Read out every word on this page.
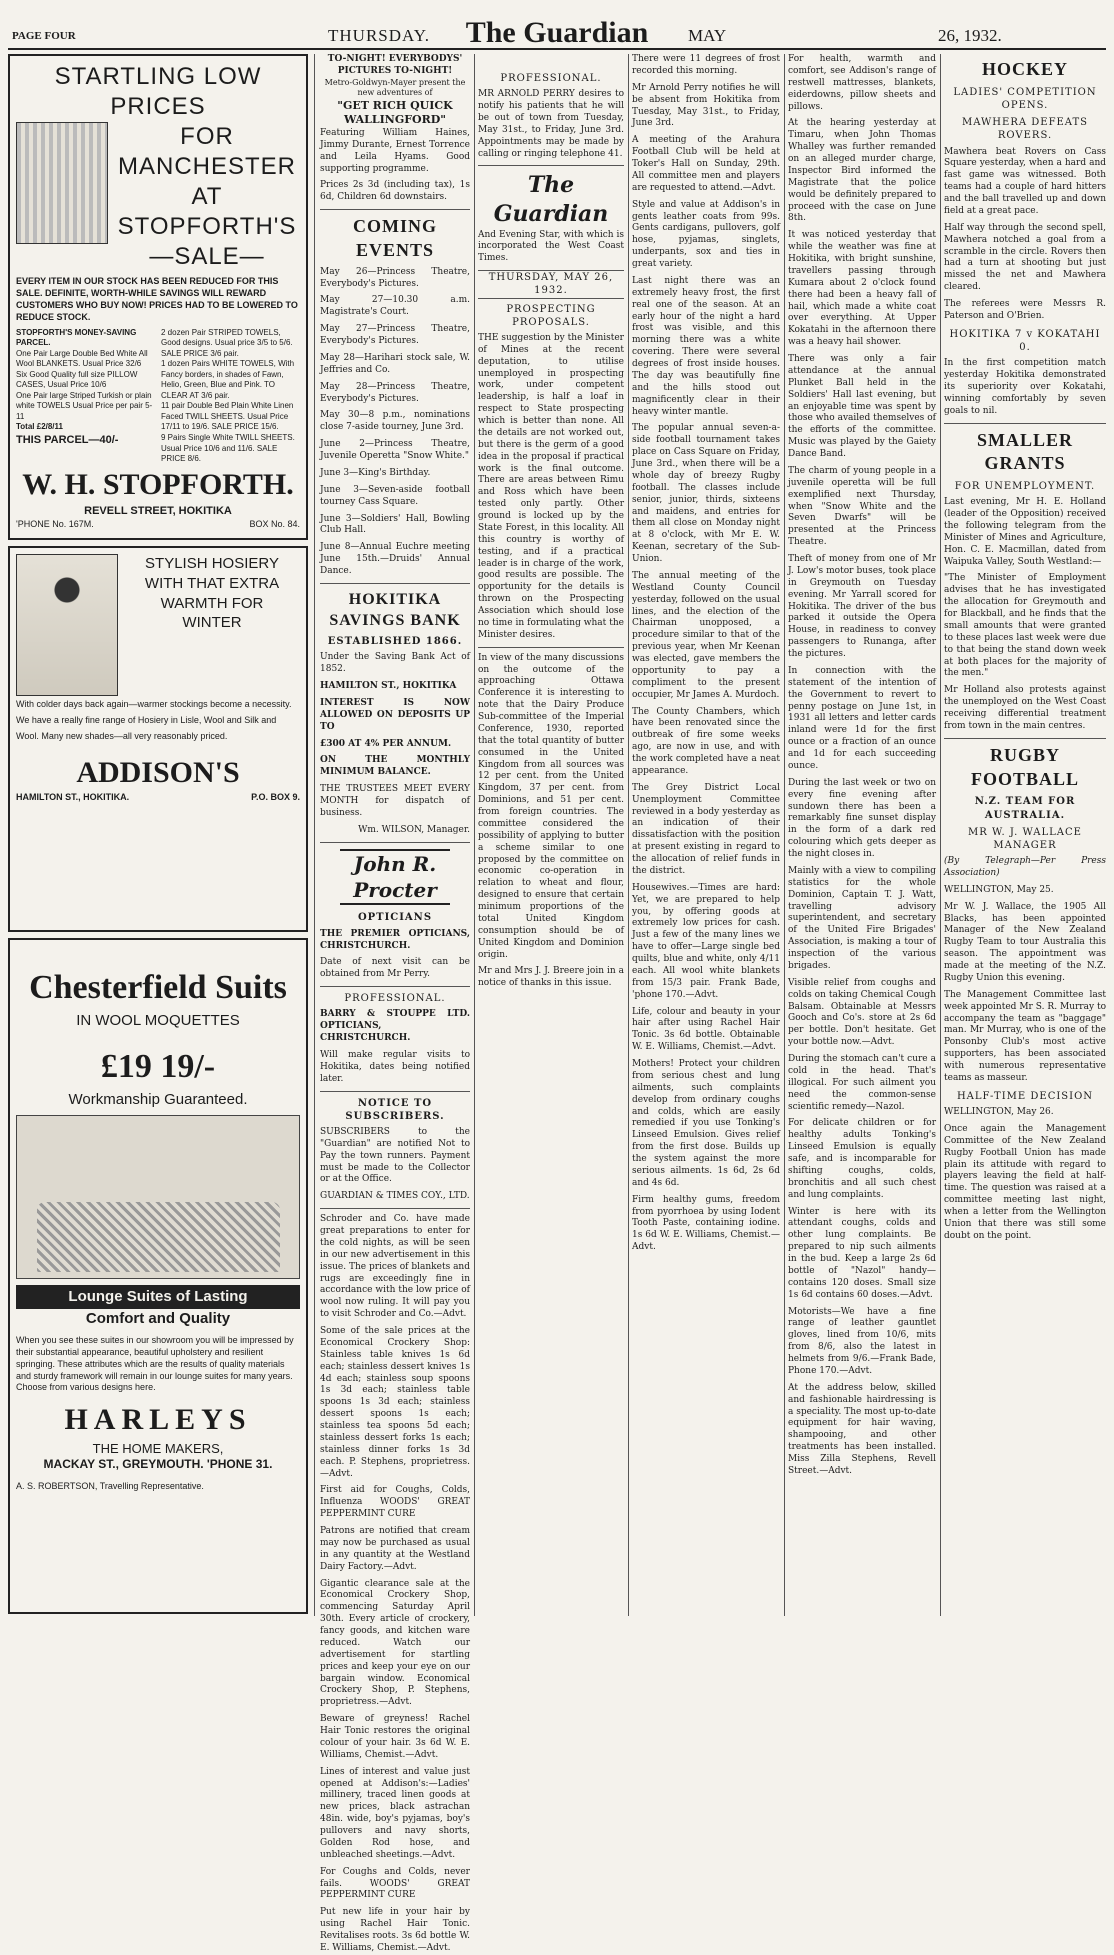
PAGE FOUR	THURSDAY.	The Guardian	MAY	26, 1932.
STARTLING LOW PRICES
FOR MANCHESTER
AT STOPFORTH'S
—SALE—
EVERY ITEM IN OUR STOCK HAS BEEN REDUCED FOR THIS SALE. DEFINITE, WORTH-WHILE SAVINGS WILL REWARD CUSTOMERS WHO BUY NOW! PRICES HAD TO BE LOWERED TO REDUCE STOCK.
STOPFORTH'S MONEY-SAVING PARCEL.
One Pair Large Double Bed White All Wool BLANKETS. Usual Price 32/6
Six Good Quality full size PILLOW CASES, Usual Price 10/6
One Pair large Striped Turkish or plain white TOWELS Usual Price per pair 5-11
Total £2/8/11
THIS PARCEL—40/-
2 dozen Pair STRIPED TOWELS, Good designs. Usual price 3/5 to 5/6. SALE PRICE 3/6 pair.
1 dozen Pairs WHITE TOWELS, With Fancy borders, in shades of Fawn, Helio, Green, Blue and Pink. TO CLEAR AT 3/6 pair.
11 pair Double Bed Plain White Linen Faced TWILL SHEETS. Usual Price 17/11 to 19/6. SALE PRICE 15/6.
9 Pairs Single White TWILL SHEETS. Usual Price 10/6 and 11/6. SALE PRICE 8/6.
W. H. STOPFORTH.
REVELL STREET, HOKITIKA
'PHONE No. 167M.	BOX No. 84.
STYLISH HOSIERY
WITH THAT EXTRA
WARMTH FOR
WINTER
With colder days back again—warmer stockings become a necessity. We have a really fine range of Hosiery in Lisle, Wool and Silk and Wool. Many new shades—all very reasonably priced.
ADDISON'S
HAMILTON ST., HOKITIKA.	P.O. BOX 9.
Chesterfield Suits
IN WOOL MOQUETTES
£19 19/-
Workmanship Guaranteed.
Lounge Suites of Lasting
Comfort and Quality
When you see these suites in our showroom you will be impressed by their substantial appearance, beautiful upholstery and resilient springing. These attributes which are the results of quality materials and sturdy framework will remain in our lounge suites for many years. Choose from various designs here.
HARLEYS
THE HOME MAKERS,
MACKAY ST., GREYMOUTH. 'PHONE 31.
A. S. ROBERTSON, Travelling Representative.
TO-NIGHT! EVERYBODYS' PICTURES TO-NIGHT!
Metro-Goldwyn-Mayer present the new adventures of
"GET RICH QUICK WALLINGFORD"

Featuring William Haines, Jimmy Durante, Ernest Torrence and Leila Hyams. Good supporting programme.

Prices 2s 3d (including tax), 1s 6d, Children 6d downstairs.

COMING EVENTS

May 26—Princess Theatre, Everybody's Pictures.

May 27—10.30 a.m. Magistrate's Court.

May 27—Princess Theatre, Everybody's Pictures.

May 28—Harihari stock sale, W. Jeffries and Co.

May 28—Princess Theatre, Everybody's Pictures.

May 30—8 p.m., nominations close 7-aside tourney, June 3rd.

June 2—Princess Theatre, Juvenile Operetta "Snow White."

June 3—King's Birthday.

June 3—Seven-aside football tourney Cass Square.

June 3—Soldiers' Hall, Bowling Club Hall.

June 8—Annual Euchre meeting June 15th.—Druids' Annual Dance.

HOKITIKA SAVINGS BANK
ESTABLISHED 1866.

Under the Saving Bank Act of 1852.

HAMILTON ST., HOKITIKA

INTEREST IS NOW ALLOWED ON DEPOSITS UP TO

£300 AT 4% PER ANNUM.

ON THE MONTHLY MINIMUM BALANCE.

THE TRUSTEES MEET EVERY MONTH for dispatch of business.

Wm. WILSON, Manager.

John R. Procter
OPTICIANS

THE PREMIER OPTICIANS, CHRISTCHURCH.

Date of next visit can be obtained from Mr Perry.

PROFESSIONAL.

BARRY & STOUPPE LTD. OPTICIANS, CHRISTCHURCH.

Will make regular visits to Hokitika, dates being notified later.

NOTICE TO SUBSCRIBERS.

SUBSCRIBERS to the "Guardian" are notified Not to Pay the town runners. Payment must be made to the Collector or at the Office.

GUARDIAN & TIMES COY., LTD.

Schroder and Co. have made great preparations to enter for the cold nights, as will be seen in our new advertisement in this issue. The prices of blankets and rugs are exceedingly fine in accordance with the low price of wool now ruling. It will pay you to visit Schroder and Co.—Advt.

Some of the sale prices at the Economical Crockery Shop: Stainless table knives 1s 6d each; stainless dessert knives 1s 4d each; stainless soup spoons 1s 3d each; stainless table spoons 1s 3d each; stainless dessert spoons 1s each; stainless tea spoons 5d each; stainless dessert forks 1s each; stainless dinner forks 1s 3d each. P. Stephens, proprietress.—Advt.

First aid for Coughs, Colds, Influenza WOODS' GREAT PEPPERMINT CURE

Patrons are notified that cream may now be purchased as usual in any quantity at the Westland Dairy Factory.—Advt.

Gigantic clearance sale at the Economical Crockery Shop, commencing Saturday April 30th. Every article of crockery, fancy goods, and kitchen ware reduced. Watch our advertisement for startling prices and keep your eye on our bargain window. Economical Crockery Shop, P. Stephens, proprietress.—Advt.

Beware of greyness! Rachel Hair Tonic restores the original colour of your hair. 3s 6d W. E. Williams, Chemist.—Advt.

Lines of interest and value just opened at Addison's:—Ladies' millinery, traced linen goods at new prices, black astrachan 48in. wide, boy's pyjamas, boy's pullovers and navy shorts, Golden Rod hose, and unbleached sheetings.—Advt.

For Coughs and Colds, never fails. WOODS' GREAT PEPPERMINT CURE

Put new life in your hair by using Rachel Hair Tonic. Revitalises roots. 3s 6d bottle W. E. Williams, Chemist.—Advt.

PROFESSIONAL.

MR ARNOLD PERRY desires to notify his patients that he will be out of town from Tuesday, May 31st., to Friday, June 3rd. Appointments may be made by calling or ringing telephone 41.

The Guardian

And Evening Star, with which is incorporated the West Coast Times.

THURSDAY, MAY 26, 1932.
PROSPECTING PROPOSALS.

THE suggestion by the Minister of Mines at the recent deputation, to utilise unemployed in prospecting work, under competent leadership, is half a loaf in respect to State prospecting which is better than none. All the details are not worked out, but there is the germ of a good idea in the proposal if practical work is the final outcome. There are areas between Rimu and Ross which have been tested only partly. Other ground is locked up by the State Forest, in this locality. All this country is worthy of testing, and if a practical leader is in charge of the work, good results are possible. The opportunity for the details is thrown on the Prospecting Association which should lose no time in formulating what the Minister desires.

In view of the many discussions on the outcome of the approaching Ottawa Conference it is interesting to note that the Dairy Produce Sub-committee of the Imperial Conference, 1930, reported that the total quantity of butter consumed in the United Kingdom from all sources was 12 per cent. from the United Kingdom, 37 per cent. from Dominions, and 51 per cent. from foreign countries. The committee considered the possibility of applying to butter a scheme similar to one proposed by the committee on economic co-operation in relation to wheat and flour, designed to ensure that certain minimum proportions of the total United Kingdom consumption should be of United Kingdom and Dominion origin.

Mr and Mrs J. J. Breere join in a notice of thanks in this issue.

There were 11 degrees of frost recorded this morning.

Mr Arnold Perry notifies he will be absent from Hokitika from Tuesday, May 31st., to Friday, June 3rd.

A meeting of the Arahura Football Club will be held at Toker's Hall on Sunday, 29th. All committee men and players are requested to attend.—Advt.

Style and value at Addison's in gents leather coats from 99s. Gents cardigans, pullovers, golf hose, pyjamas, singlets, underpants, sox and ties in great variety.

Last night there was an extremely heavy frost, the first real one of the season. At an early hour of the night a hard frost was visible, and this morning there was a white covering. There were several degrees of frost inside houses. The day was beautifully fine and the hills stood out magnificently clear in their heavy winter mantle.

The popular annual seven-a-side football tournament takes place on Cass Square on Friday, June 3rd., when there will be a whole day of breezy Rugby football. The classes include senior, junior, thirds, sixteens and maidens, and entries for them all close on Monday night at 8 o'clock, with Mr E. W. Keenan, secretary of the Sub-Union.

The annual meeting of the Westland County Council yesterday, followed on the usual lines, and the election of the Chairman unopposed, a procedure similar to that of the previous year, when Mr Keenan was elected, gave members the opportunity to pay a compliment to the present occupier, Mr James A. Murdoch.

The County Chambers, which have been renovated since the outbreak of fire some weeks ago, are now in use, and with the work completed have a neat appearance.

The Grey District Local Unemployment Committee reviewed in a body yesterday as an indication of their dissatisfaction with the position at present existing in regard to the allocation of relief funds in the district.

Housewives.—Times are hard: Yet, we are prepared to help you, by offering goods at extremely low prices for cash. Just a few of the many lines we have to offer—Large single bed quilts, blue and white, only 4/11 each. All wool white blankets from 15/3 pair. Frank Bade, 'phone 170.—Advt.

Life, colour and beauty in your hair after using Rachel Hair Tonic. 3s 6d bottle. Obtainable W. E. Williams, Chemist.—Advt.

Mothers! Protect your children from serious chest and lung ailments, such complaints develop from ordinary coughs and colds, which are easily remedied if you use Tonking's Linseed Emulsion. Gives relief from the first dose. Builds up the system against the more serious ailments. 1s 6d, 2s 6d and 4s 6d.

Firm healthy gums, freedom from pyorrhoea by using Iodent Tooth Paste, containing iodine. 1s 6d W. E. Williams, Chemist.—Advt.

For health, warmth and comfort, see Addison's range of restwell mattresses, blankets, eiderdowns, pillow sheets and pillows.

At the hearing yesterday at Timaru, when John Thomas Whalley was further remanded on an alleged murder charge, Inspector Bird informed the Magistrate that the police would be definitely prepared to proceed with the case on June 8th.

It was noticed yesterday that while the weather was fine at Hokitika, with bright sunshine, travellers passing through Kumara about 2 o'clock found there had been a heavy fall of hail, which made a white coat over everything. At Upper Kokatahi in the afternoon there was a heavy hail shower.

There was only a fair attendance at the annual Plunket Ball held in the Soldiers' Hall last evening, but an enjoyable time was spent by those who availed themselves of the efforts of the committee. Music was played by the Gaiety Dance Band.

The charm of young people in a juvenile operetta will be full exemplified next Thursday, when "Snow White and the Seven Dwarfs" will be presented at the Princess Theatre.

Theft of money from one of Mr J. Low's motor buses, took place in Greymouth on Tuesday evening. Mr Yarrall scored for Hokitika. The driver of the bus parked it outside the Opera House, in readiness to convey passengers to Runanga, after the pictures.

In connection with the statement of the intention of the Government to revert to penny postage on June 1st, in 1931 all letters and letter cards inland were 1d for the first ounce or a fraction of an ounce and 1d for each succeeding ounce.

During the last week or two on every fine evening after sundown there has been a remarkably fine sunset display in the form of a dark red colouring which gets deeper as the night closes in.

Mainly with a view to compiling statistics for the whole Dominion, Captain T. J. Watt, travelling advisory superintendent, and secretary of the United Fire Brigades' Association, is making a tour of inspection of the various brigades.

Visible relief from coughs and colds on taking Chemical Cough Balsam. Obtainable at Messrs Gooch and Co's. store at 2s 6d per bottle. Don't hesitate. Get your bottle now.—Advt.

During the stomach can't cure a cold in the head. That's illogical. For such ailment you need the common-sense scientific remedy—Nazol.

For delicate children or for healthy adults Tonking's Linseed Emulsion is equally safe, and is incomparable for shifting coughs, colds, bronchitis and all such chest and lung complaints.

Winter is here with its attendant coughs, colds and other lung complaints. Be prepared to nip such ailments in the bud. Keep a large 2s 6d bottle of "Nazol" handy—contains 120 doses. Small size 1s 6d contains 60 doses.—Advt.

Motorists—We have a fine range of leather gauntlet gloves, lined from 10/6, mits from 8/6, also the latest in helmets from 9/6.—Frank Bade, Phone 170.—Advt.

At the address below, skilled and fashionable hairdressing is a speciality. The most up-to-date equipment for hair waving, shampooing, and other treatments has been installed. Miss Zilla Stephens, Revell Street.—Advt.

HOCKEY
LADIES' COMPETITION OPENS.
MAWHERA DEFEATS ROVERS.

Mawhera beat Rovers on Cass Square yesterday, when a hard and fast game was witnessed. Both teams had a couple of hard hitters and the ball travelled up and down field at a great pace.

Half way through the second spell, Mawhera notched a goal from a scramble in the circle. Rovers then had a turn at shooting but just missed the net and Mawhera cleared.

The referees were Messrs R. Paterson and O'Brien.

HOKITIKA 7 v KOKATAHI 0.

In the first competition match yesterday Hokitika demonstrated its superiority over Kokatahi, winning comfortably by seven goals to nil.

SMALLER GRANTS
FOR UNEMPLOYMENT.

Last evening, Mr H. E. Holland (leader of the Opposition) received the following telegram from the Minister of Mines and Agriculture, Hon. C. E. Macmillan, dated from Waipuka Valley, South Westland:—

"The Minister of Employment advises that he has investigated the allocation for Greymouth and for Blackball, and he finds that the small amounts that were granted to these places last week were due to that being the stand down week at both places for the majority of the men."

Mr Holland also protests against the unemployed on the West Coast receiving differential treatment from town in the main centres.

RUGBY FOOTBALL
N.Z. TEAM FOR AUSTRALIA.
MR W. J. WALLACE MANAGER

(By Telegraph—Per Press Association)

WELLINGTON, May 25.

Mr W. J. Wallace, the 1905 All Blacks, has been appointed Manager of the New Zealand Rugby Team to tour Australia this season. The appointment was made at the meeting of the N.Z. Rugby Union this evening.

The Management Committee last week appointed Mr S. R. Murray to accompany the team as "baggage" man. Mr Murray, who is one of the Ponsonby Club's most active supporters, has been associated with numerous representative teams as masseur.

HALF-TIME DECISION

WELLINGTON, May 26.

Once again the Management Committee of the New Zealand Rugby Football Union has made plain its attitude with regard to players leaving the field at half-time. The question was raised at a committee meeting last night, when a letter from the Wellington Union that there was still some doubt on the point.
